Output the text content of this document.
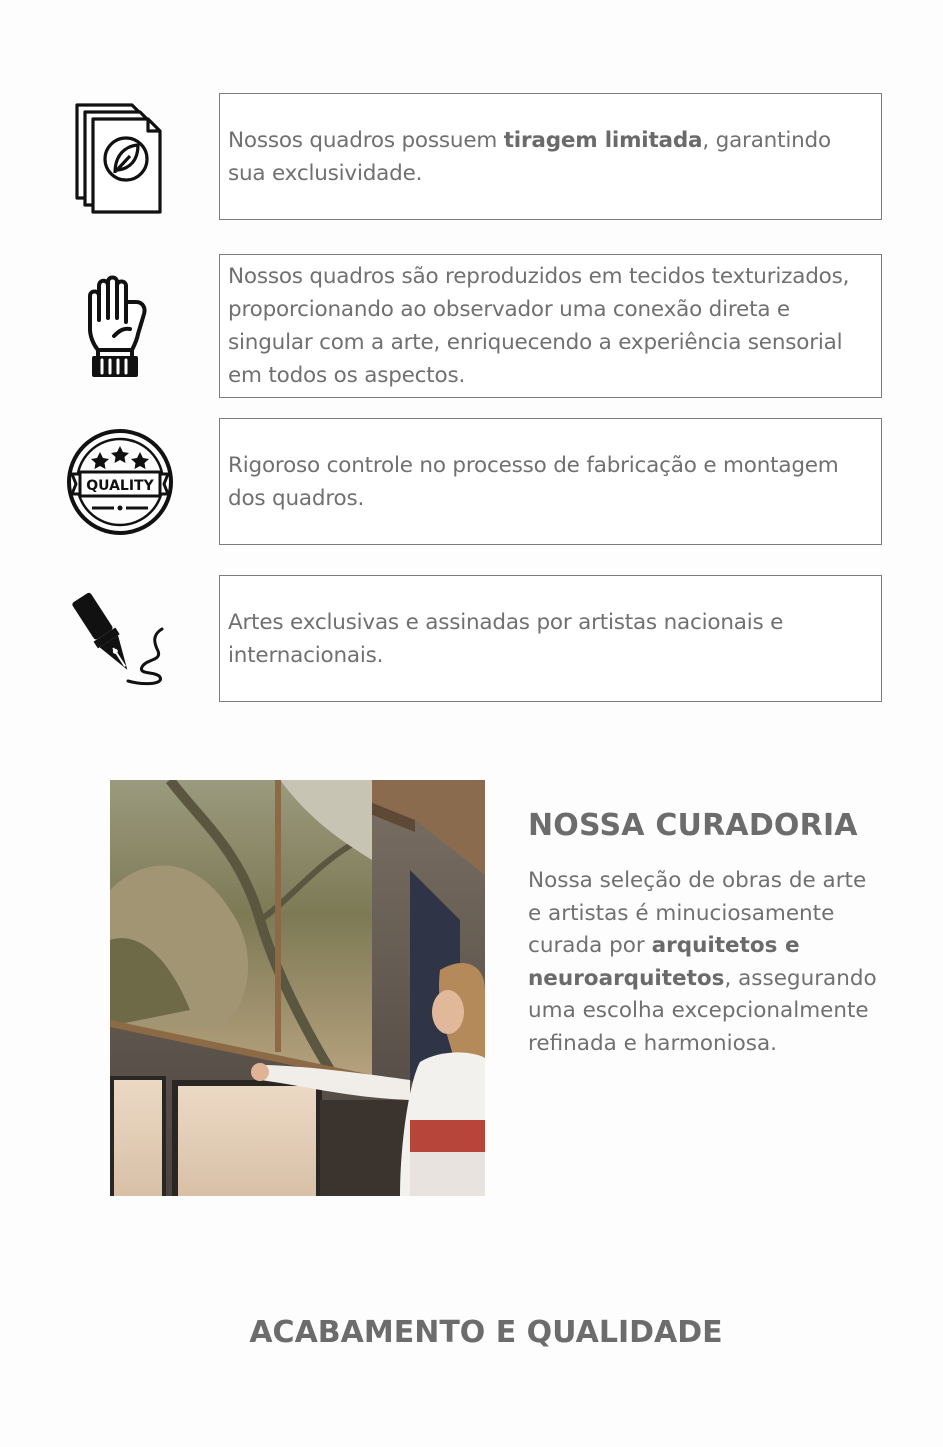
Nossos quadros possuem tiragem limitada, garantindo sua exclusividade.

Nossos quadros são reproduzidos em tecidos texturizados, proporcionando ao observador uma conexão direta e singular com a arte, enriquecendo a experiência sensorial em todos os aspectos.

QUALITY

Rigoroso controle no processo de fabricação e montagem dos quadros.

Artes exclusivas e assinadas por artistas nacionais e internacionais.

NOSSA CURADORIA

Nossa seleção de obras de arte e artistas é minuciosamente curada por arquitetos e neuroarquitetos, assegurando uma escolha excepcionalmente refinada e harmoniosa.

ACABAMENTO E QUALIDADE
